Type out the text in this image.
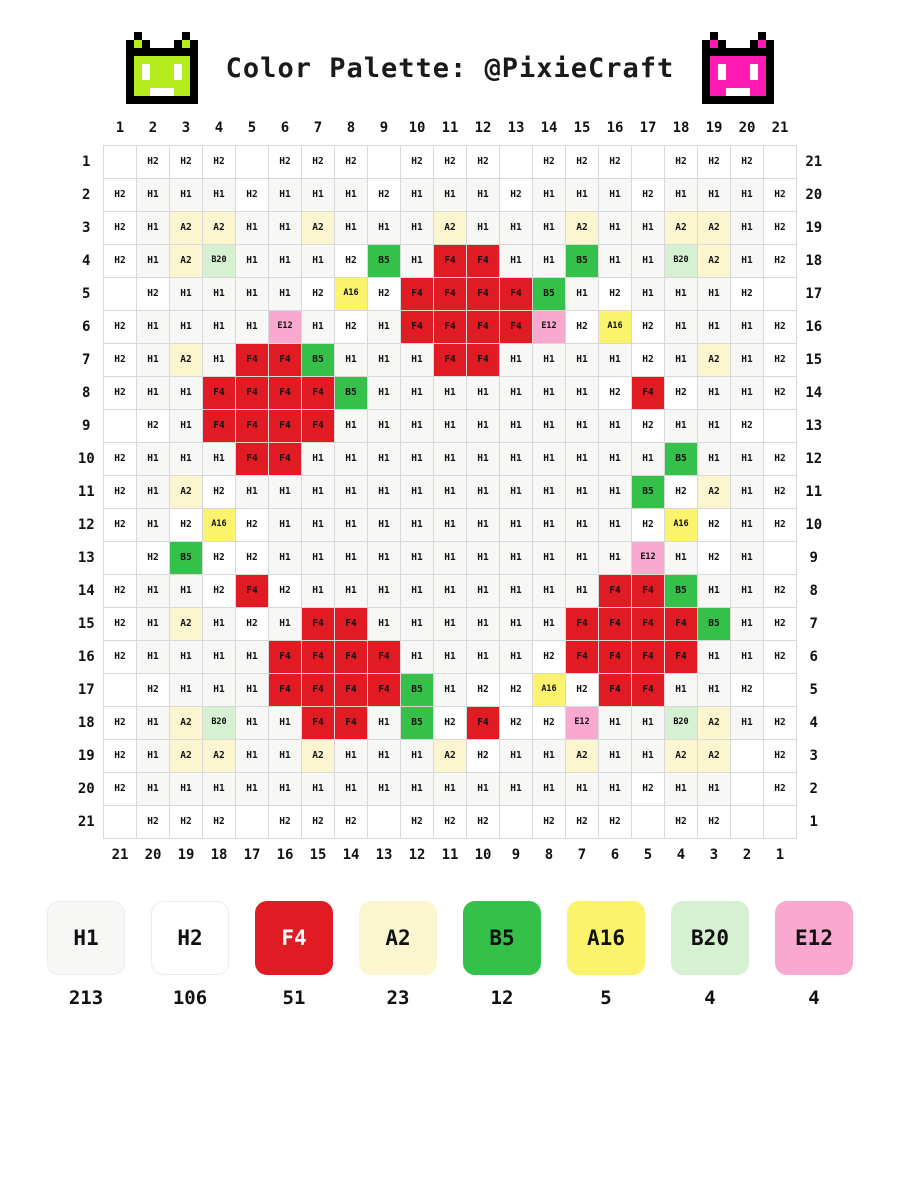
Color Palette: @PixieCraft
	1	2	3	4	5	6	7	8	9	10	11	12	13	14	15	16	17	18	19	20	21	
1		H2	H2	H2		H2	H2	H2		H2	H2	H2		H2	H2	H2		H2	H2	H2		21
2	H2	H1	H1	H1	H2	H1	H1	H1	H2	H1	H1	H1	H2	H1	H1	H1	H2	H1	H1	H1	H2	20
3	H2	H1	A2	A2	H1	H1	A2	H1	H1	H1	A2	H1	H1	H1	A2	H1	H1	A2	A2	H1	H2	19
4	H2	H1	A2	B20	H1	H1	H1	H2	B5	H1	F4	F4	H1	H1	B5	H1	H1	B20	A2	H1	H2	18
5		H2	H1	H1	H1	H1	H2	A16	H2	F4	F4	F4	F4	B5	H1	H2	H1	H1	H1	H2		17
6	H2	H1	H1	H1	H1	E12	H1	H2	H1	F4	F4	F4	F4	E12	H2	A16	H2	H1	H1	H1	H2	16
7	H2	H1	A2	H1	F4	F4	B5	H1	H1	H1	F4	F4	H1	H1	H1	H1	H2	H1	A2	H1	H2	15
8	H2	H1	H1	F4	F4	F4	F4	B5	H1	H1	H1	H1	H1	H1	H1	H2	F4	H2	H1	H1	H2	14
9		H2	H1	F4	F4	F4	F4	H1	H1	H1	H1	H1	H1	H1	H1	H1	H2	H1	H1	H2		13
10	H2	H1	H1	H1	F4	F4	H1	H1	H1	H1	H1	H1	H1	H1	H1	H1	H1	B5	H1	H1	H2	12
11	H2	H1	A2	H2	H1	H1	H1	H1	H1	H1	H1	H1	H1	H1	H1	H1	B5	H2	A2	H1	H2	11
12	H2	H1	H2	A16	H2	H1	H1	H1	H1	H1	H1	H1	H1	H1	H1	H1	H2	A16	H2	H1	H2	10
13		H2	B5	H2	H2	H1	H1	H1	H1	H1	H1	H1	H1	H1	H1	H1	E12	H1	H2	H1		9
14	H2	H1	H1	H2	F4	H2	H1	H1	H1	H1	H1	H1	H1	H1	H1	F4	F4	B5	H1	H1	H2	8
15	H2	H1	A2	H1	H2	H1	F4	F4	H1	H1	H1	H1	H1	H1	F4	F4	F4	F4	B5	H1	H2	7
16	H2	H1	H1	H1	H1	F4	F4	F4	F4	H1	H1	H1	H1	H2	F4	F4	F4	F4	H1	H1	H2	6
17		H2	H1	H1	H1	F4	F4	F4	F4	B5	H1	H2	H2	A16	H2	F4	F4	H1	H1	H2		5
18	H2	H1	A2	B20	H1	H1	F4	F4	H1	B5	H2	F4	H2	H2	E12	H1	H1	B20	A2	H1	H2	4
19	H2	H1	A2	A2	H1	H1	A2	H1	H1	H1	A2	H2	H1	H1	A2	H1	H1	A2	A2		H2	3
20	H2	H1	H1	H1	H1	H1	H1	H1	H1	H1	H1	H1	H1	H1	H1	H1	H2	H1	H1		H2	2
21		H2	H2	H2		H2	H2	H2		H2	H2	H2		H2	H2	H2		H2	H2			1
	21	20	19	18	17	16	15	14	13	12	11	10	9	8	7	6	5	4	3	2	1	
H1
213
H2
106
F4
51
A2
23
B5
12
A16
5
B20
4
E12
4
